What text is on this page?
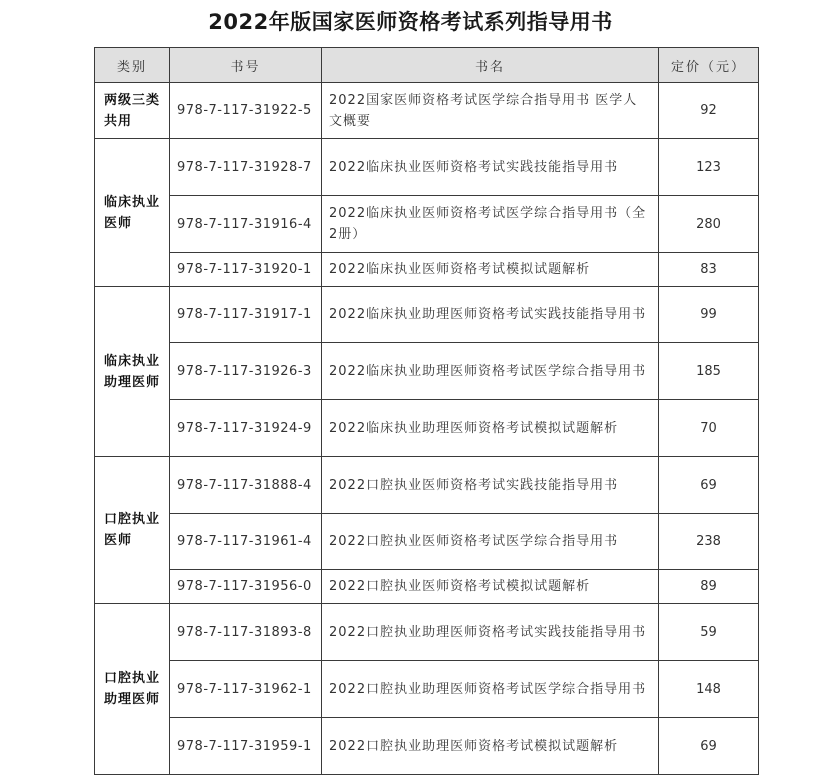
2022年版国家医师资格考试系列指导用书
类别	书号	书名	定价（元）
两级三类共用	978-7-117-31922-5	2022国家医师资格考试医学综合指导用书 医学人文概要	92
临床执业医师	978-7-117-31928-7	2022临床执业医师资格考试实践技能指导用书	123
	978-7-117-31916-4	2022临床执业医师资格考试医学综合指导用书（全2册）	280
	978-7-117-31920-1	2022临床执业医师资格考试模拟试题解析	83
临床执业助理医师	978-7-117-31917-1	2022临床执业助理医师资格考试实践技能指导用书	99
	978-7-117-31926-3	2022临床执业助理医师资格考试医学综合指导用书	185
	978-7-117-31924-9	2022临床执业助理医师资格考试模拟试题解析	70
口腔执业医师	978-7-117-31888-4	2022口腔执业医师资格考试实践技能指导用书	69
	978-7-117-31961-4	2022口腔执业医师资格考试医学综合指导用书	238
	978-7-117-31956-0	2022口腔执业医师资格考试模拟试题解析	89
口腔执业助理医师	978-7-117-31893-8	2022口腔执业助理医师资格考试实践技能指导用书	59
	978-7-117-31962-1	2022口腔执业助理医师资格考试医学综合指导用书	148
	978-7-117-31959-1	2022口腔执业助理医师资格考试模拟试题解析	69
